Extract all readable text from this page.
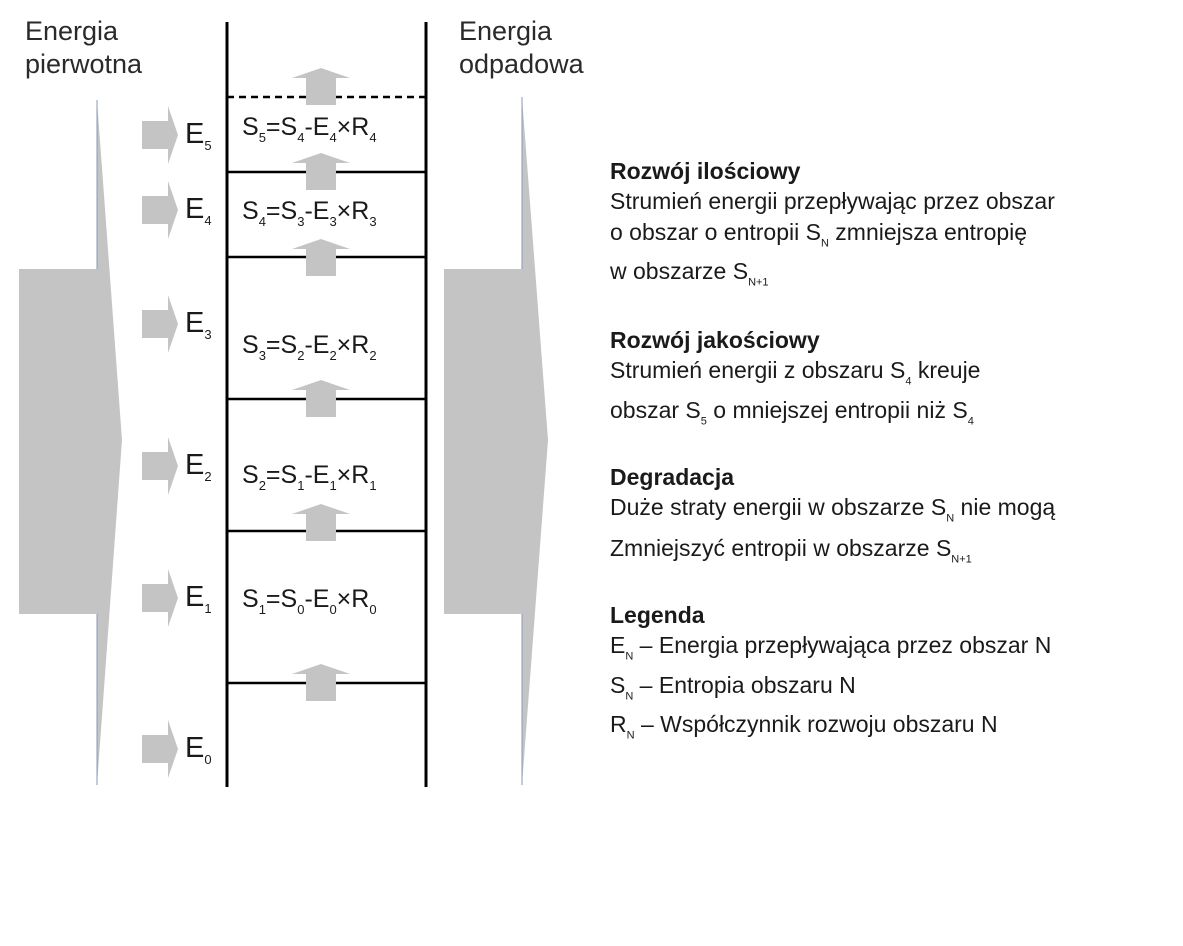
Energia
pierwotna
Energia
odpadowa
$E_5$
$E_4$
$E_3$
$E_2$
$E_1$
$E_0$
$S_5=S_4-E_4\times R_4$
$S_4=S_3-E_3\times R_3$
$S_3=S_2-E_2\times R_2$
$S_2=S_1-E_1\times R_1$
$S_1=S_0-E_0\times R_0$
Rozwój ilościowy
Strumień energii przepływając przez obszar
o obszar o entropii $S_N$ zmniejsza entropię
w obszarze $S_{N+1}$
Rozwój jakościowy
Strumień energii z obszaru $S_4$ kreuje
obszar $S_5$ o mniejszej entropii niż $S_4$
Degradacja
Duże straty energii w obszarze $S_N$ nie mogą
Zmniejszyć entropii w obszarze $S_{N+1}$
Legenda
$E_N$ – Energia przepływająca przez obszar N
$S_N$ – Entropia obszaru N
$R_N$ – Współczynnik rozwoju obszaru N
